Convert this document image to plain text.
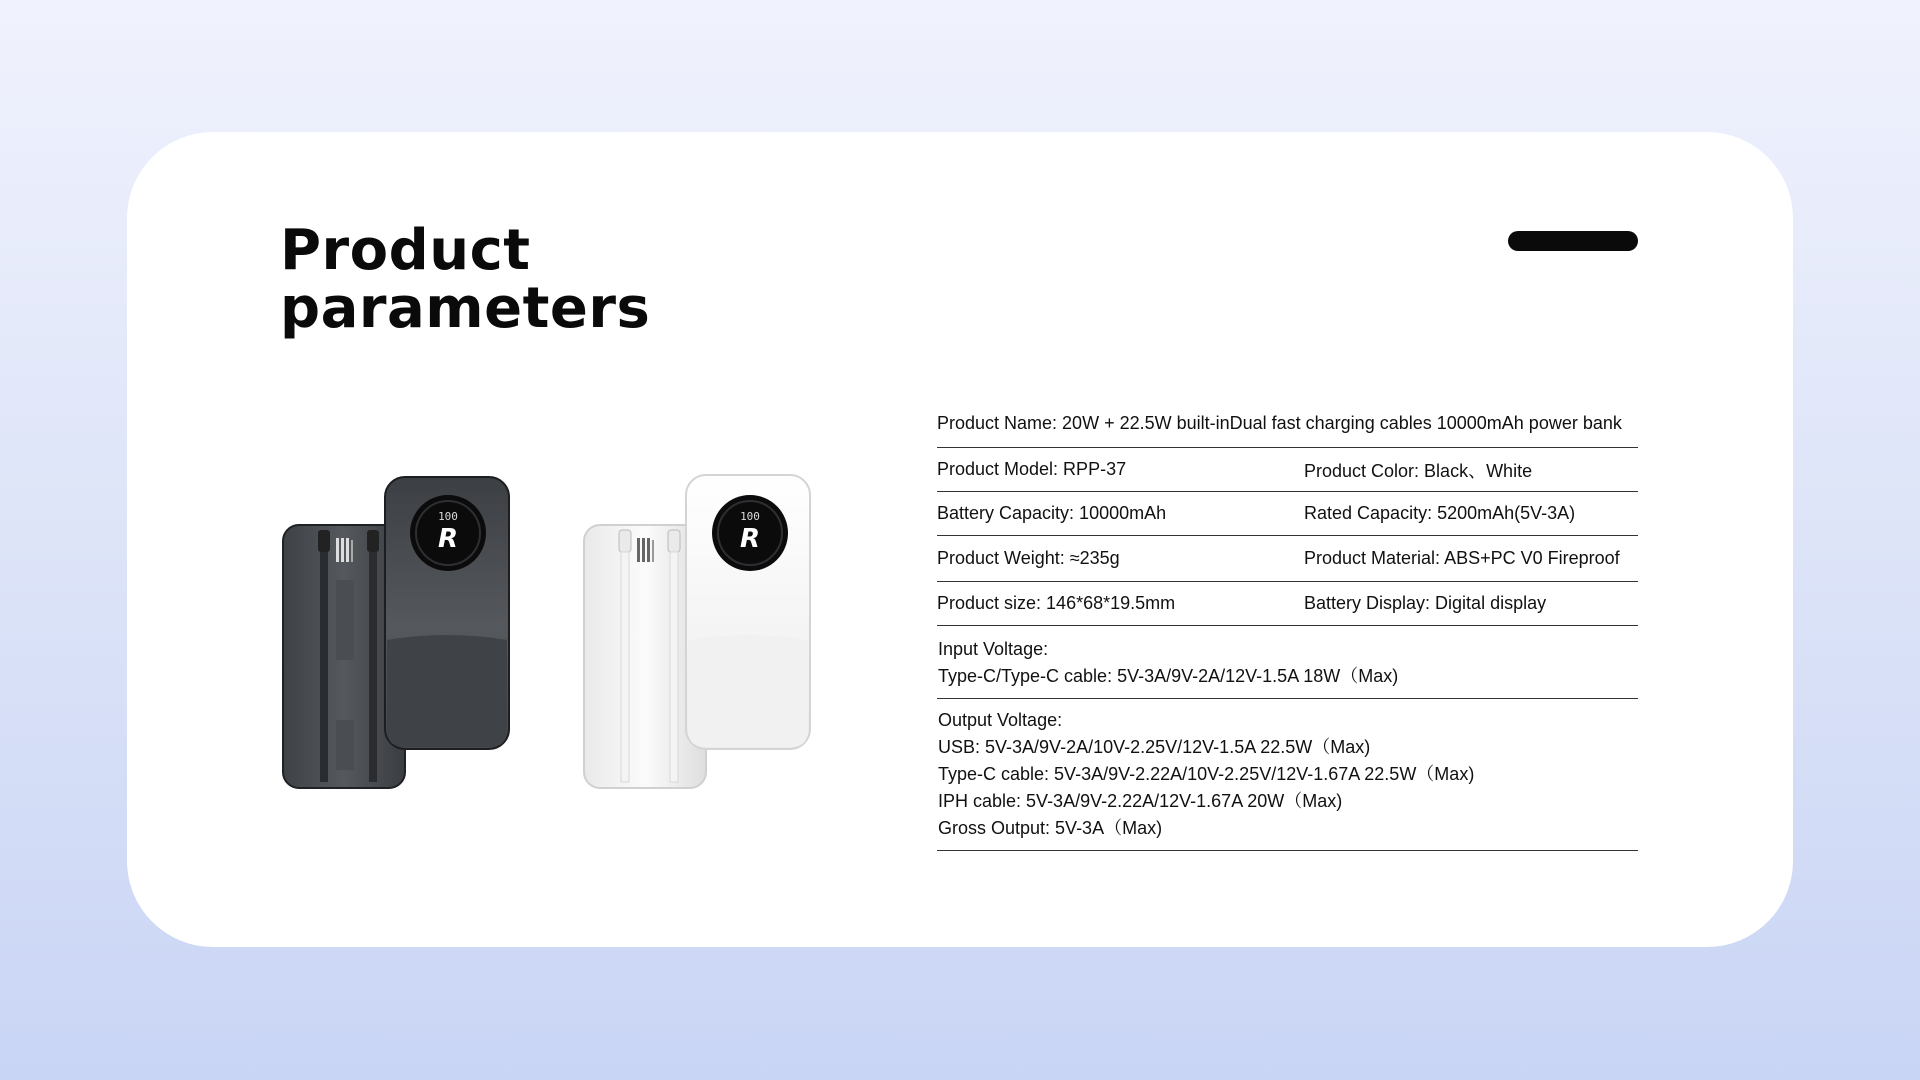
Product
parameters
100
R
100
R
Product Name: 20W + 22.5W built-inDual fast charging cables 10000mAh power bank
Product Model: RPP-37	Product Color: Black、White
Battery Capacity: 10000mAh	Rated Capacity: 5200mAh(5V-3A)
Product Weight: ≈235g	Product Material: ABS+PC V0 Fireproof
Product size: 146*68*19.5mm	Battery Display: Digital display
Input Voltage:
Type-C/Type-C cable: 5V-3A/9V-2A/12V-1.5A 18W（Max)
Output Voltage:
USB: 5V-3A/9V-2A/10V-2.25V/12V-1.5A 22.5W（Max)
Type-C cable: 5V-3A/9V-2.22A/10V-2.25V/12V-1.67A 22.5W（Max)
IPH cable: 5V-3A/9V-2.22A/12V-1.67A 20W（Max)
Gross Output: 5V-3A（Max)
